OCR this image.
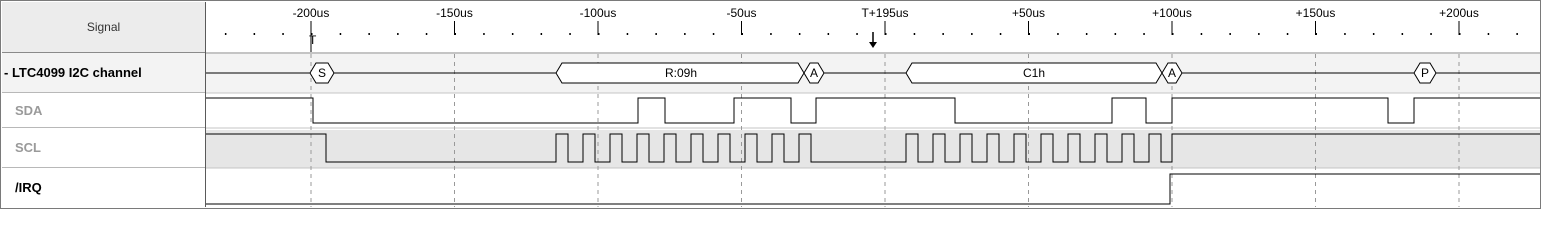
Signal
- LTC4099 I2C channel
SDA
SCL
/IRQ
-200us	-150us	-100us	-50us	T+195us	+50us	+100us	+150us	+200us
T
S	R:09h	A	C1h	A	P
